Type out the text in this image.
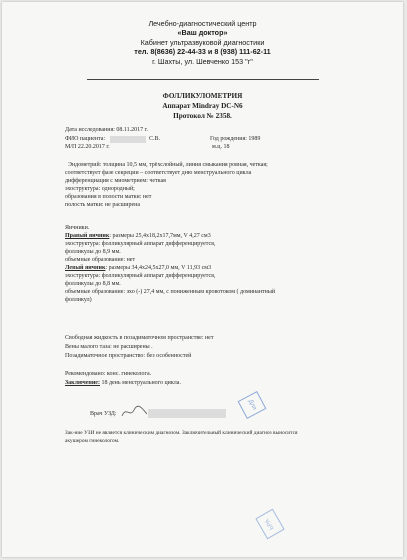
Лечебно-диагностический центр
«Ваш доктор»
Кабинет ультразвуковой диагностики
тел. 8(8636) 22-44-33 и 8 (938) 111-62-11
г. Шахты, ул. Шевченко 153 "г"
ФОЛЛИКУЛОМЕТРИЯ
Аппарат Mindray DC-N6
Протокол № 2358.
Дата исследования: 08.11.2017 г.
ФИО пациента:	С.В.	Год рождения: 1989
М/П 22.20.2017 г.	м.ц. 18
Эндометрий: толщина 10,5 мм, трёхслойный, линия смыкания ровная, четкая;
соответствует фазе секреции – соответствует дню менструального цикла
дифференциация с миометрием: четкая
эхоструктура: однородный;
образования в полости матки: нет
полость матки: не расширена
Яичники.
Правый яичник: размеры 25,4х18,2х17,7мм, V 4,27 см3
эхоструктура: фолликулярный аппарат дифференцируется,
фолликулы до 8,9 мм.
объемные образование: нет
Левый яичник: размеры 34,4х24,5х27,0 мм, V 11,93 см3
эхоструктура: фолликулярный аппарат дифференцируется,
фолликулы до 8,8 мм.
объемные образование: эхо (-) 27,4 мм, с пониженным кровотоком ( доминантный
фолликул)
Свободная жидкость в позадиматочном пространстве: нет
Вены малого таза: не расширены .
Позадиматочное пространство: без особенностей
Рекомендовано: конс. гинеколога.
Заключение: 18 день менструального цикла.
Врач УЗД:
Для
Зак-ние УЗИ не является клиническим диагнозом. Заключительный клинический диагноз выносится
акушером гинекологом.
ЬРА
